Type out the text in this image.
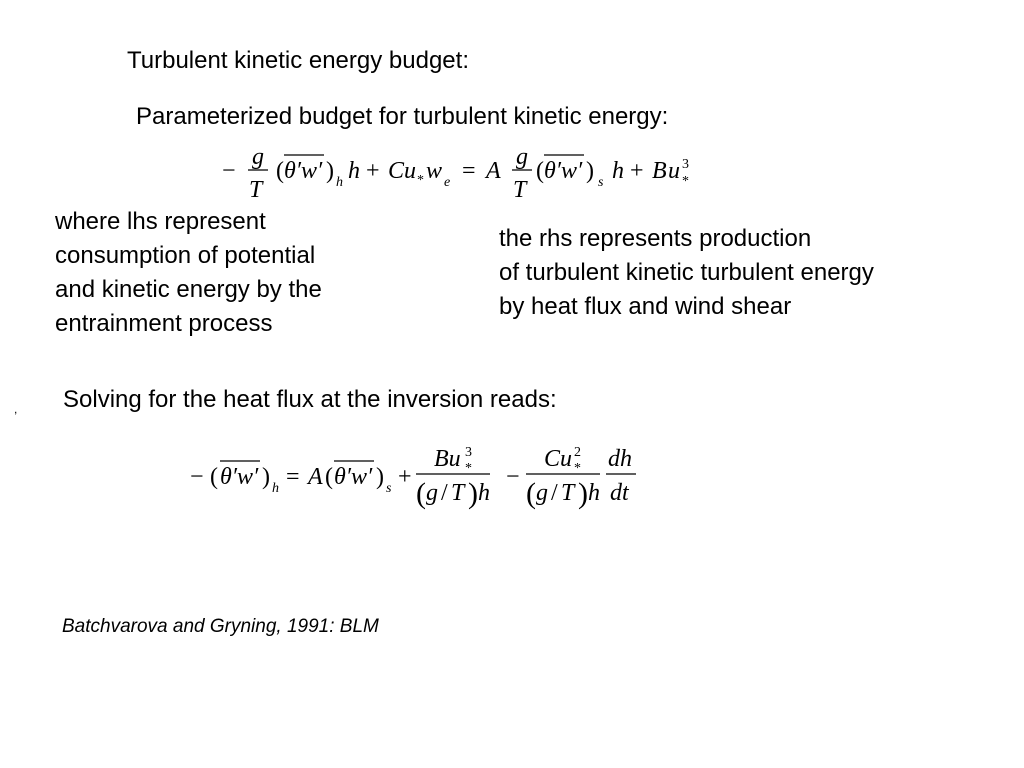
Turbulent kinetic energy budget:
Parameterized budget for turbulent kinetic energy:
−
g
T
( θ′w′ ) h h + C u * w e = A
g
T
( θ′w′ ) s h + B u 3
*
where lhs represent
consumption of potential
and kinetic energy by the
entrainment process
the rhs represents production
of turbulent kinetic turbulent energy
by heat flux and wind shear
, Solving for the heat flux at the inversion reads:
− ( θ′w′ ) h = A ( θ′w′ ) s +
Bu 3
*
( g / T ) h
−
Cu 2
*
( g / T ) h
dh
dt
Batchvarova and Gryning, 1991: BLM
